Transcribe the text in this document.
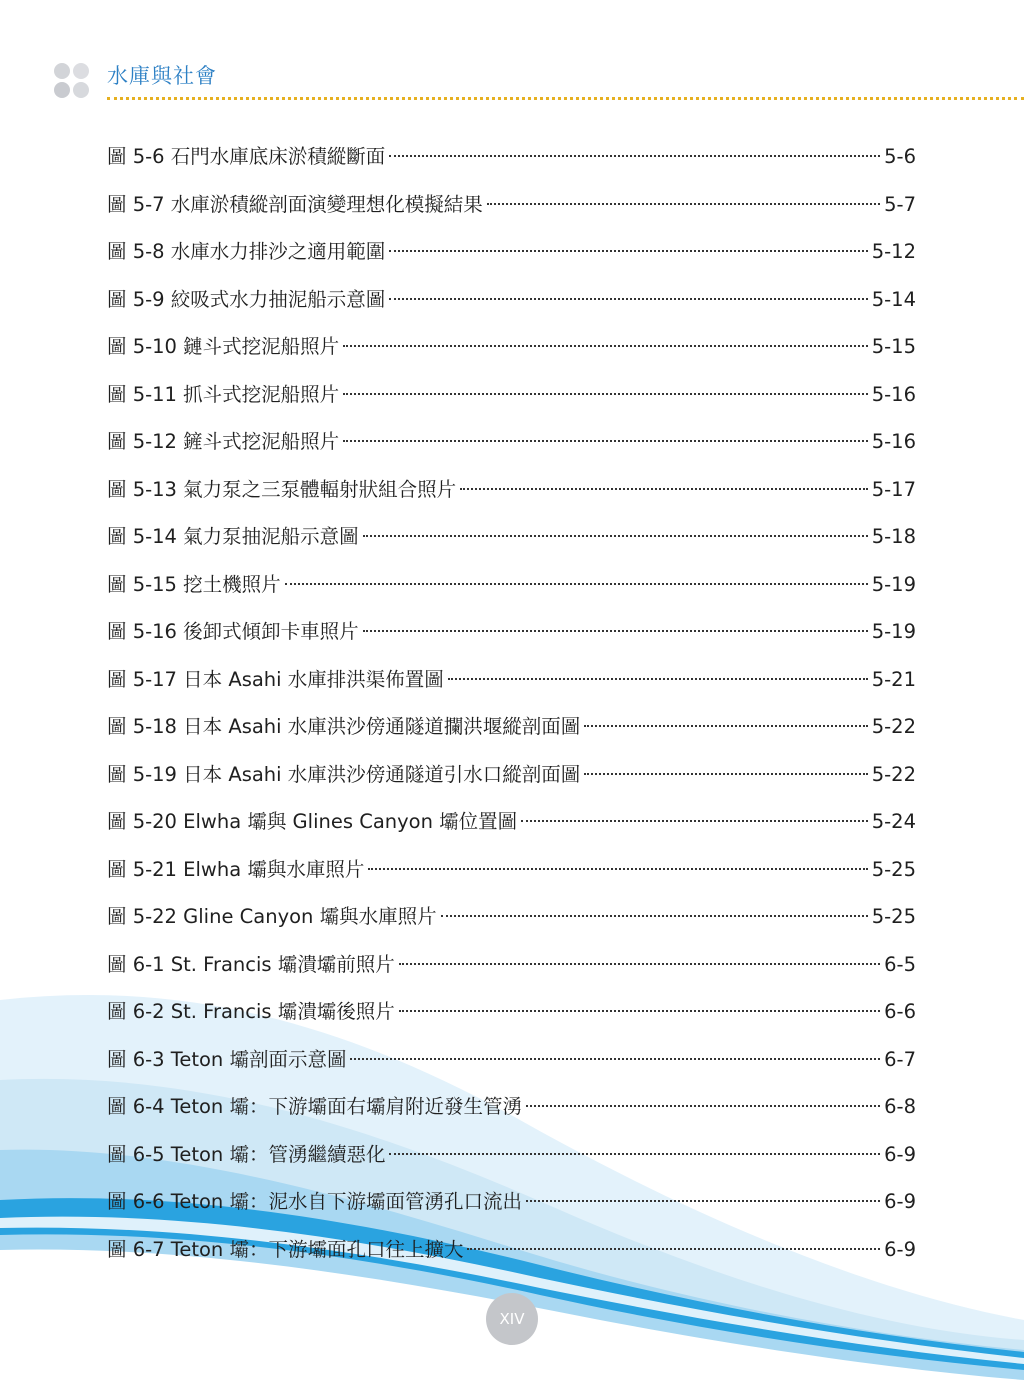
水庫與社會
圖 5-6 石門水庫底床淤積縱斷面	5-6
圖 5-7 水庫淤積縱剖面演變理想化模擬結果	5-7
圖 5-8 水庫水力排沙之適用範圍	5-12
圖 5-9 絞吸式水力抽泥船示意圖	5-14
圖 5-10 鏈斗式挖泥船照片	5-15
圖 5-11 抓斗式挖泥船照片	5-16
圖 5-12 鏟斗式挖泥船照片	5-16
圖 5-13 氣力泵之三泵體輻射狀組合照片	5-17
圖 5-14 氣力泵抽泥船示意圖	5-18
圖 5-15 挖土機照片	5-19
圖 5-16 後卸式傾卸卡車照片	5-19
圖 5-17 日本 Asahi 水庫排洪渠佈置圖	5-21
圖 5-18 日本 Asahi 水庫洪沙傍通隧道攔洪堰縱剖面圖	5-22
圖 5-19 日本 Asahi 水庫洪沙傍通隧道引水口縱剖面圖	5-22
圖 5-20 Elwha 壩與 Glines Canyon 壩位置圖	5-24
圖 5-21 Elwha 壩與水庫照片	5-25
圖 5-22 Gline Canyon 壩與水庫照片	5-25
圖 6-1 St. Francis 壩潰壩前照片	6-5
圖 6-2 St. Francis 壩潰壩後照片	6-6
圖 6-3 Teton 壩剖面示意圖	6-7
圖 6-4 Teton 壩：下游壩面右壩肩附近發生管湧	6-8
圖 6-5 Teton 壩：管湧繼續惡化	6-9
圖 6-6 Teton 壩：泥水自下游壩面管湧孔口流出	6-9
圖 6-7 Teton 壩：下游壩面孔口往上擴大	6-9
XIV
